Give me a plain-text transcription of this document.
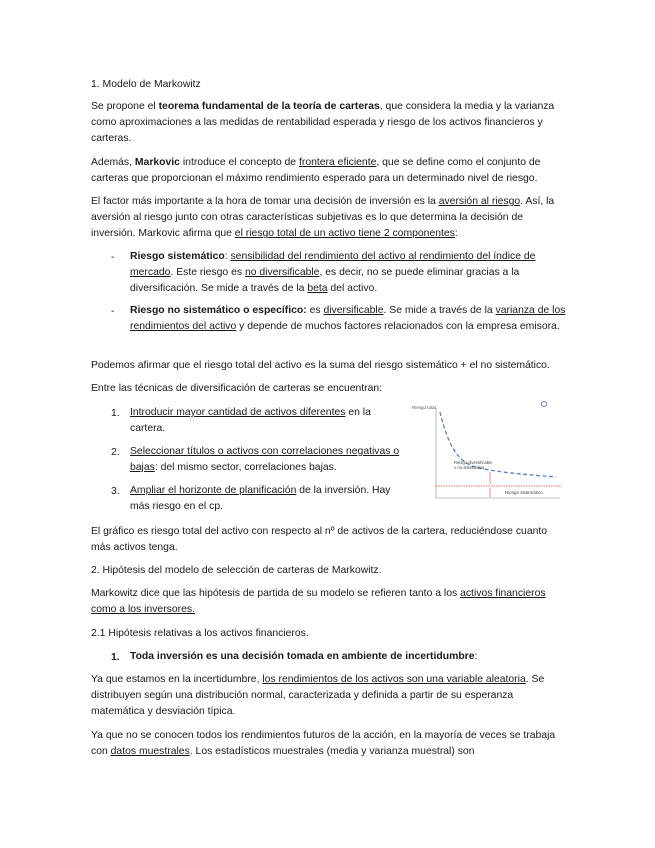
1. Modelo de Markowitz

Se propone el teorema fundamental de la teoría de carteras, que considera la media y la varianza como aproximaciones a las medidas de rentabilidad esperada y riesgo de los activos financieros y carteras.

Además, Markovic introduce el concepto de frontera eficiente, que se define como el conjunto de carteras que proporcionan el máximo rendimiento esperado para un determinado nivel de riesgo.

El factor más importante a la hora de tomar una decisión de inversión es la aversión al riesgo. Así, la aversión al riesgo junto con otras características subjetivas es lo que determina la decisión de inversión. Markovic afirma que el riesgo total de un activo tiene 2 componentes:

- Riesgo sistemático: sensibilidad del rendimiento del activo al rendimiento del índice de mercado. Este riesgo es no diversificable, es decir, no se puede eliminar gracias a la diversificación. Se mide a través de la beta del activo.
- Riesgo no sistemático o específico: es diversificable. Se mide a través de la varianza de los rendimientos del activo y depende de muchos factores relacionados con la empresa emisora.

Podemos afirmar que el riesgo total del activo es la suma del riesgo sistemático + el no sistemático.

Entre las técnicas de diversificación de carteras se encuentran:

1. Introducir mayor cantidad de activos diferentes en la cartera.
2. Seleccionar títulos o activos con correlaciones negativas o bajas: del mismo sector, correlaciones bajas.
3. Ampliar el horizonte de planificación de la inversión. Hay más riesgo en el cp.
Riesgo total
Riesgo diversificable o no sistemático
Riesgo sistemático

El gráfico es riesgo total del activo con respecto al nº de activos de la cartera, reduciéndose cuanto más activos tenga.

2. Hipótesis del modelo de selección de carteras de Markowitz.

Markowitz dice que las hipótesis de partida de su modelo se refieren tanto a los activos financieros como a los inversores.

2.1 Hipótesis relativas a los activos financieros.

1. Toda inversión es una decisión tomada en ambiente de incertidumbre:

Ya que estamos en la incertidumbre, los rendimientos de los activos son una variable aleatoria. Se distribuyen según una distribución normal, caracterizada y definida a partir de su esperanza matemática y desviación típica.

Ya que no se conocen todos los rendimientos futuros de la acción, en la mayoría de veces se trabaja con datos muestrales. Los estadísticos muestrales (media y varianza muestral) son
